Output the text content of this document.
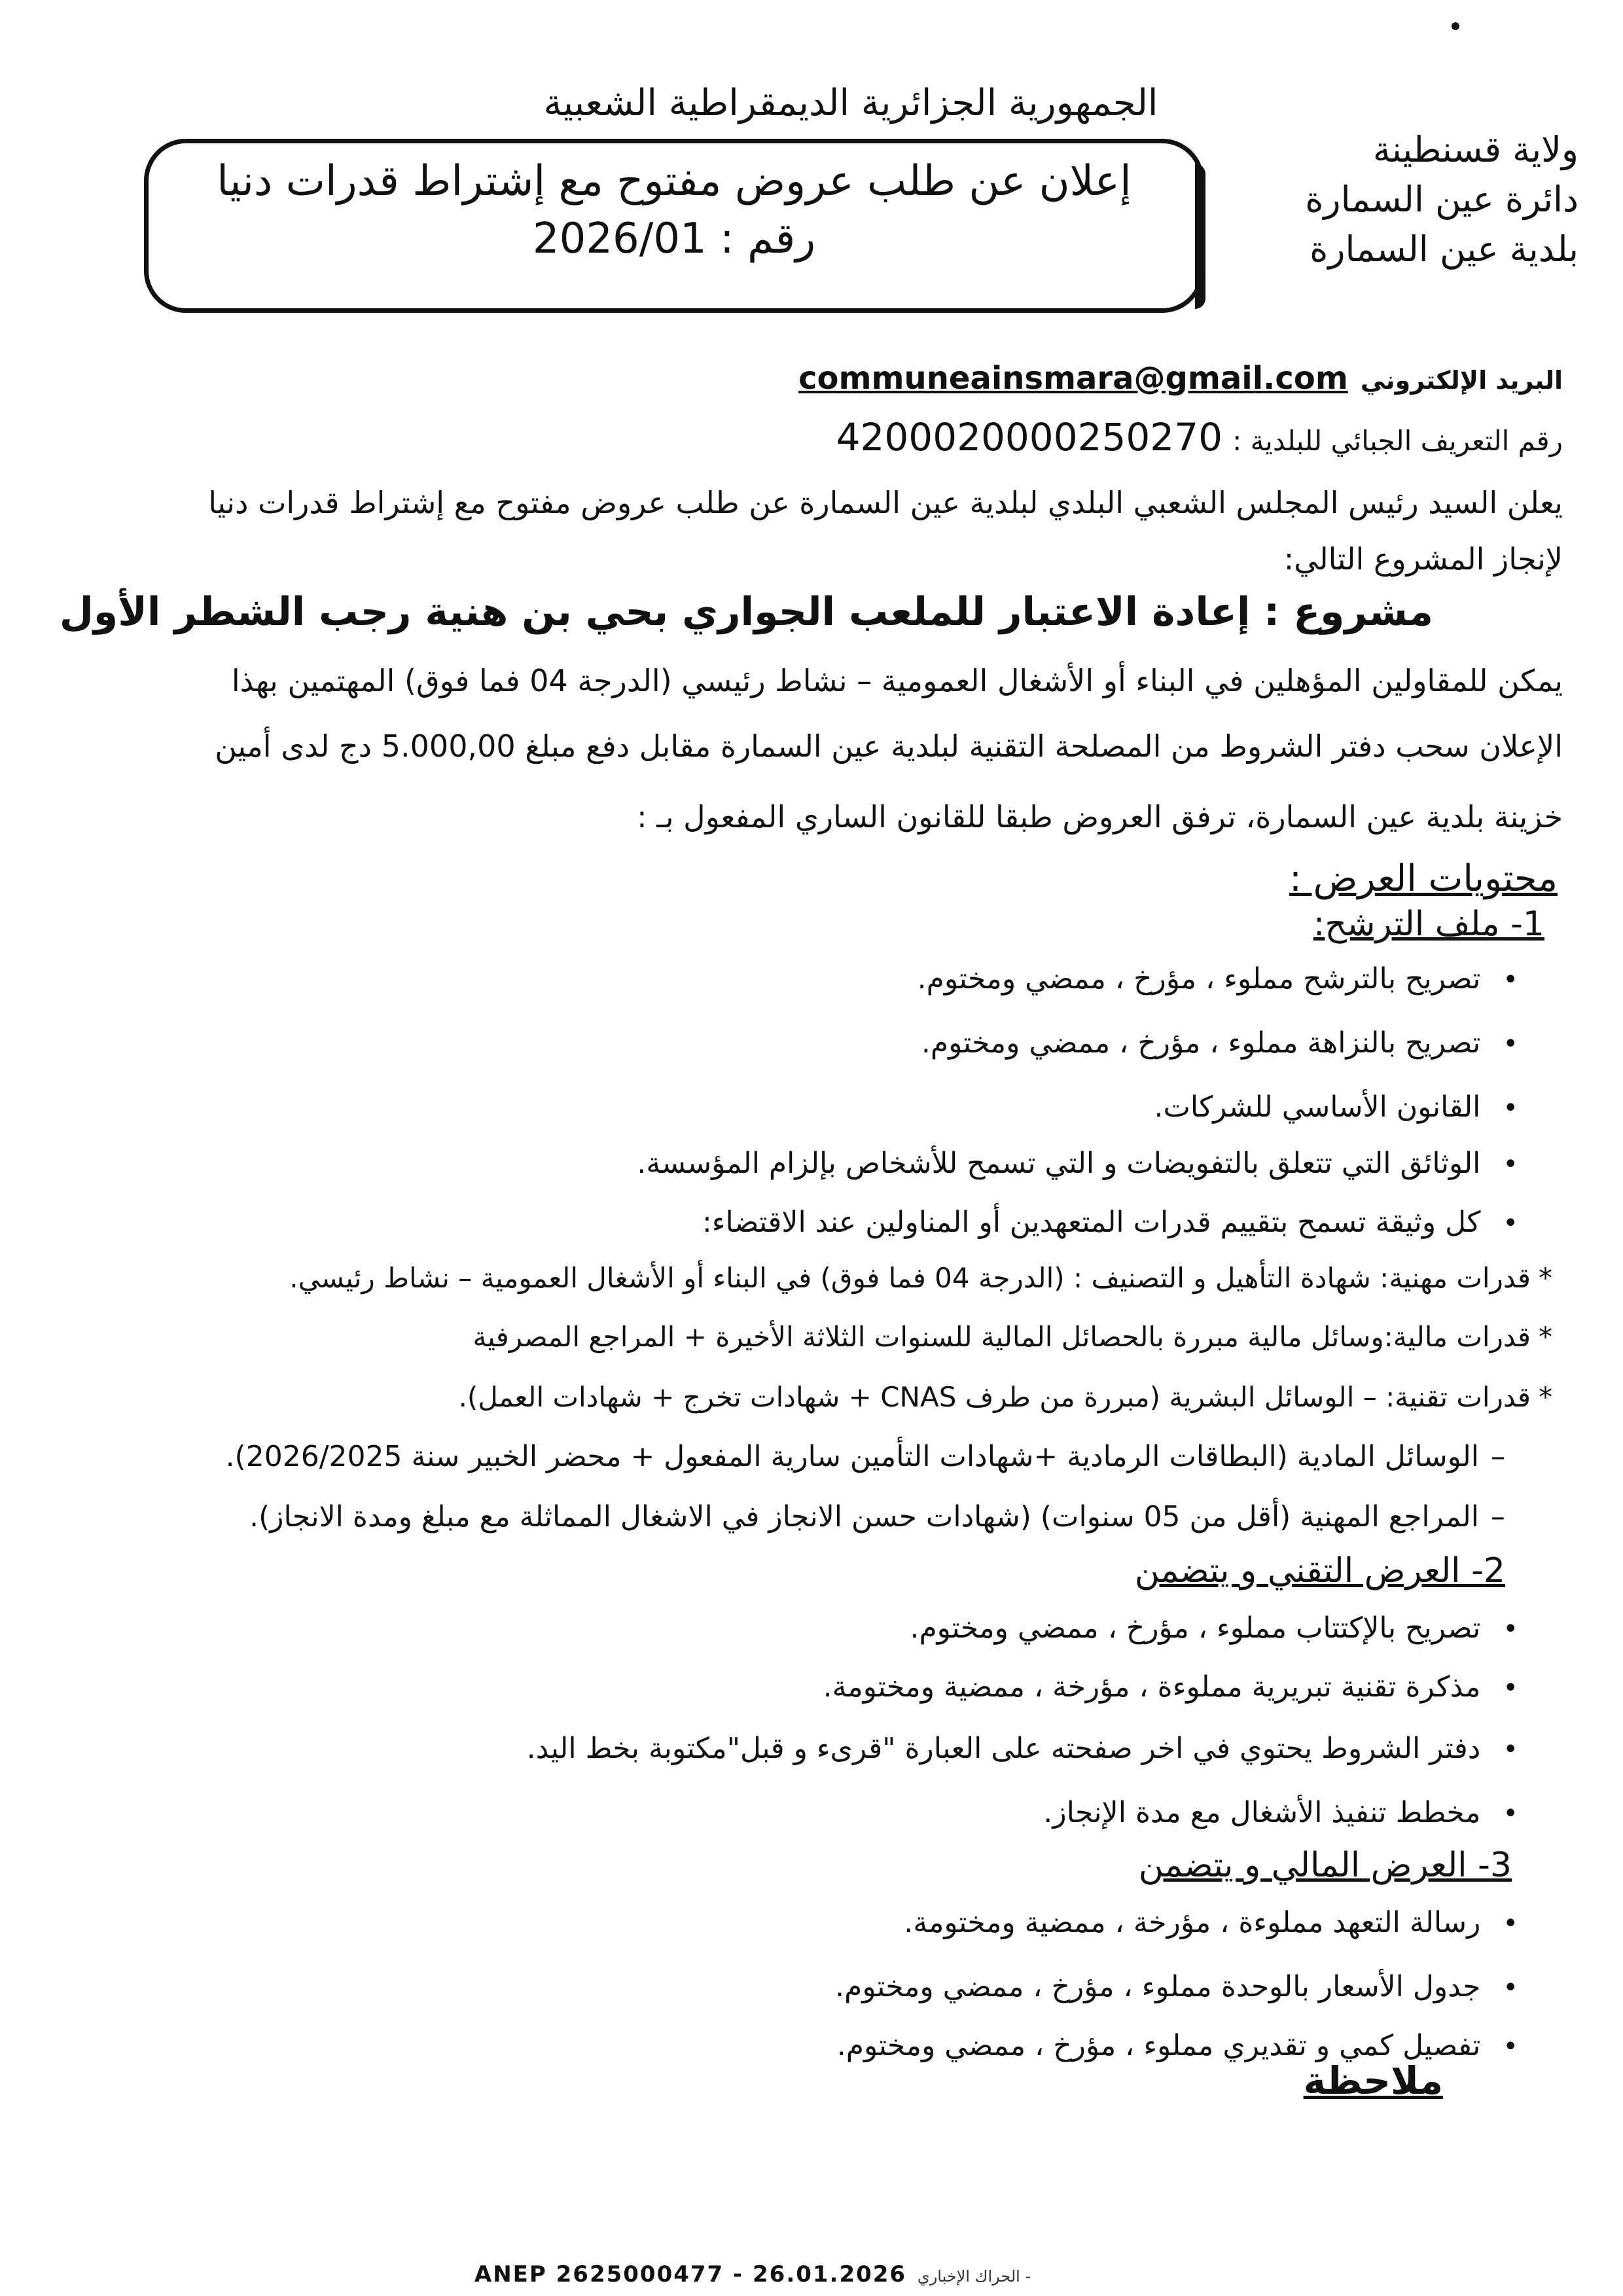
الجمهورية الجزائرية الديمقراطية الشعبية
ولاية قسنطينة
دائرة عين السمارة
بلدية عين السمارة
إعلان عن طلب عروض مفتوح مع إشتراط قدرات دنيا
رقم : 2026/01
البريد الإلكتروني communeainsmara@gmail.com
رقم التعريف الجبائي للبلدية : 4200020000250270
يعلن السيد رئيس المجلس الشعبي البلدي لبلدية عين السمارة عن طلب عروض مفتوح مع إشتراط قدرات دنيا
لإنجاز المشروع التالي:
مشروع : إعادة الاعتبار للملعب الجواري بحي بن هنية رجب الشطر الأول
يمكن للمقاولين المؤهلين في البناء أو الأشغال العمومية – نشاط رئيسي (الدرجة 04 فما فوق) المهتمين بهذا
الإعلان سحب دفتر الشروط من المصلحة التقنية لبلدية عين السمارة مقابل دفع مبلغ 5.000,00 دج لدى أمين
خزينة بلدية عين السمارة، ترفق العروض طبقا للقانون الساري المفعول بـ :
محتويات العرض :
1- ملف الترشح:
• تصريح بالترشح مملوء ، مؤرخ ، ممضي ومختوم.
• تصريح بالنزاهة مملوء ، مؤرخ ، ممضي ومختوم.
• القانون الأساسي للشركات.
• الوثائق التي تتعلق بالتفويضات و التي تسمح للأشخاص بإلزام المؤسسة.
• كل وثيقة تسمح بتقييم قدرات المتعهدين أو المناولين عند الاقتضاء:
* قدرات مهنية: شهادة التأهيل و التصنيف : (الدرجة 04 فما فوق) في البناء أو الأشغال العمومية – نشاط رئيسي.
* قدرات مالية:وسائل مالية مبررة بالحصائل المالية للسنوات الثلاثة الأخيرة + المراجع المصرفية
* قدرات تقنية: – الوسائل البشرية (مبررة من طرف CNAS + شهادات تخرج + شهادات العمل).
– الوسائل المادية (البطاقات الرمادية +شهادات التأمين سارية المفعول + محضر الخبير سنة 2026/2025).
– المراجع المهنية (أقل من 05 سنوات) (شهادات حسن الانجاز في الاشغال المماثلة مع مبلغ ومدة الانجاز).
2- العرض التقني و يتضمن
• تصريح بالإكتتاب مملوء ، مؤرخ ، ممضي ومختوم.
• مذكرة تقنية تبريرية مملوءة ، مؤرخة ، ممضية ومختومة.
• دفتر الشروط يحتوي في اخر صفحته على العبارة "قرىء و قبل"مكتوبة بخط اليد.
• مخطط تنفيذ الأشغال مع مدة الإنجاز.
3- العرض المالي و يتضمن
• رسالة التعهد مملوءة ، مؤرخة ، ممضية ومختومة.
• جدول الأسعار بالوحدة مملوء ، مؤرخ ، ممضي ومختوم.
• تفصيل كمي و تقديري مملوء ، مؤرخ ، ممضي ومختوم.
ملاحظة
ANEP 2625000477 - 26.01.2026 - الحراك الإخباري
